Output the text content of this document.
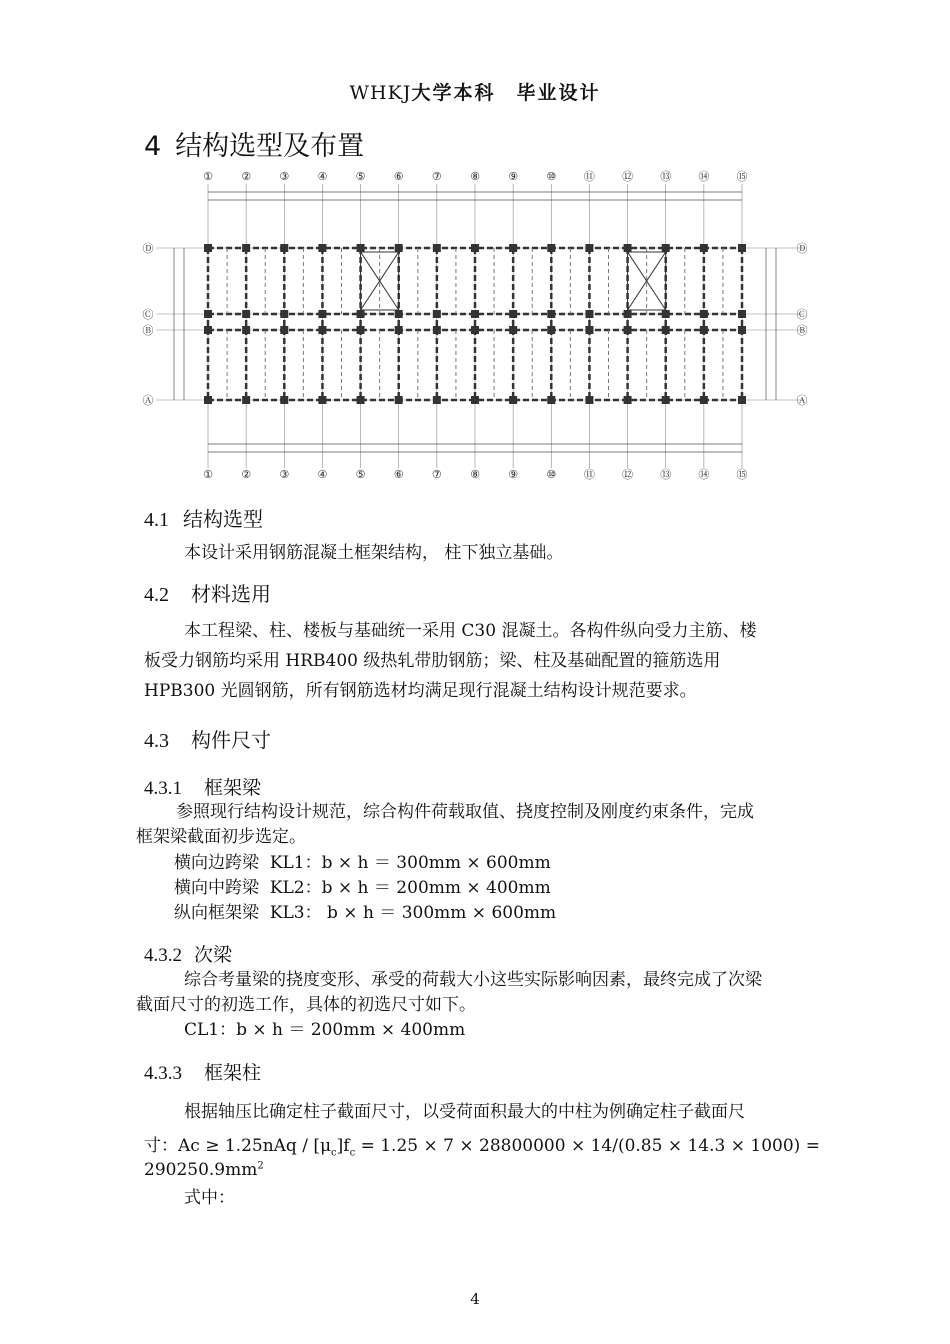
WHKJ大学本科　毕业设计
4 结构选型及布置
①
①
②
②
③
③
④
④
⑤
⑤
⑥
⑥
⑦
⑦
⑧
⑧
⑨
⑨
⑩
⑩
⑪
⑪
⑫
⑫
⑬
⑬
⑭
⑭
⑮
⑮
Ⓓ	Ⓓ
Ⓒ	Ⓒ
Ⓑ	Ⓑ
Ⓐ	Ⓐ
4.1 结构选型
本设计采用钢筋混凝土框架结构， 柱下独立基础。
4.2 材料选用
本工程梁、柱、楼板与基础统一采用 C30 混凝土。各构件纵向受力主筋、楼
板受力钢筋均采用 HRB400 级热轧带肋钢筋；梁、柱及基础配置的箍筋选用
HPB300 光圆钢筋，所有钢筋选材均满足现行混凝土结构设计规范要求。
4.3 构件尺寸
4.3.1 框架梁
参照现行结构设计规范，综合构件荷载取值、挠度控制及刚度约束条件，完成
框架梁截面初步选定。
横向边跨梁 KL1：b × h ＝ 300mm × 600mm
横向中跨梁 KL2：b × h ＝ 200mm × 400mm
纵向框架梁 KL3： b × h ＝ 300mm × 600mm
4.3.2 次梁
综合考量梁的挠度变形、承受的荷载大小这些实际影响因素，最终完成了次梁
截面尺寸的初选工作，具体的初选尺寸如下。
CL1：b × h ＝ 200mm × 400mm
4.3.3 框架柱
根据轴压比确定柱子截面尺寸，以受荷面积最大的中柱为例确定柱子截面尺
寸：$Ac \ge 1.25nAq / [\mu_c]f_c = 1.25 \times 7 \times 28800000 \times 14/(0.85 \times 14.3 \times 1000)$ =
$290250.9mm^2$
式中：
4
